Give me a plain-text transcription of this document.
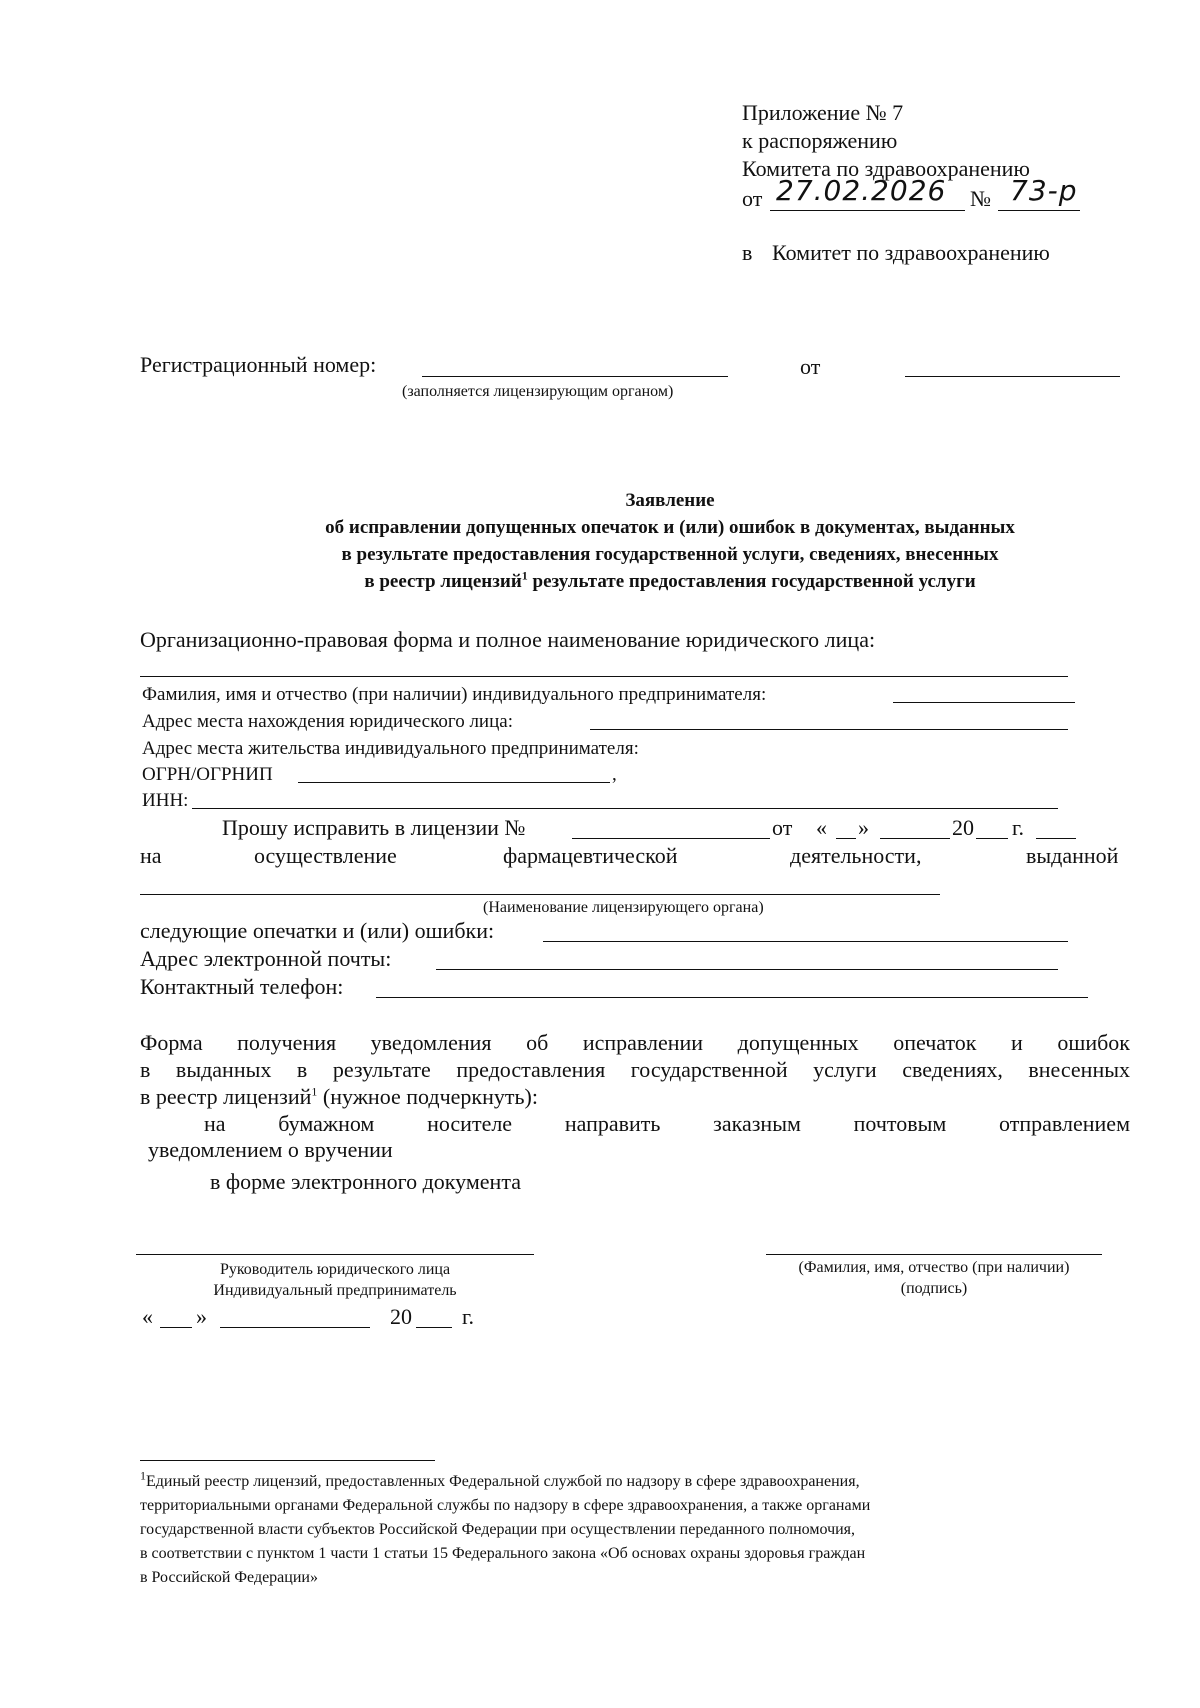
Приложение № 7
к распоряжению
Комитета по здравоохранению
от 27.02.2026 № 73-р
в Комитет по здравоохранению
Регистрационный номер:	от
(заполняется лицензирующим органом)
Заявление
об исправлении допущенных опечаток и (или) ошибок в документах, выданных
в результате предоставления государственной услуги, сведениях, внесенных
в реестр лицензий$^1$ результате предоставления государственной услуги
Организационно-правовая форма и полное наименование юридического лица:
Фамилия, имя и отчество (при наличии) индивидуального предпринимателя:
Адрес места нахождения юридического лица:
Адрес места жительства индивидуального предпринимателя:
ОГРН/ОГРНИП	,
ИНН:
Прошу исправить в лицензии №	от « »	20 г.
на	осуществление	фармацевтической	деятельности,	выданной
(Наименование лицензирующего органа)
следующие опечатки и (или) ошибки:
Адрес электронной почты:
Контактный телефон:
Форма получения уведомления об исправлении допущенных опечаток и ошибок
в выданных в результате предоставления государственной услуги сведениях, внесенных
в реестр лицензий$^1$ (нужное подчеркнуть):
на бумажном носителе направить заказным почтовым отправлением
уведомлением о вручении
в форме электронного документа
Руководитель юридического лица
Индивидуальный предприниматель
(Фамилия, имя, отчество (при наличии)
(подпись)
« »	20 г.
$^1$Единый реестр лицензий, предоставленных Федеральной службой по надзору в сфере здравоохранения,
территориальными органами Федеральной службы по надзору в сфере здравоохранения, а также органами
государственной власти субъектов Российской Федерации при осуществлении переданного полномочия,
в соответствии с пунктом 1 части 1 статьи 15 Федерального закона «Об основах охраны здоровья граждан
в Российской Федерации»
